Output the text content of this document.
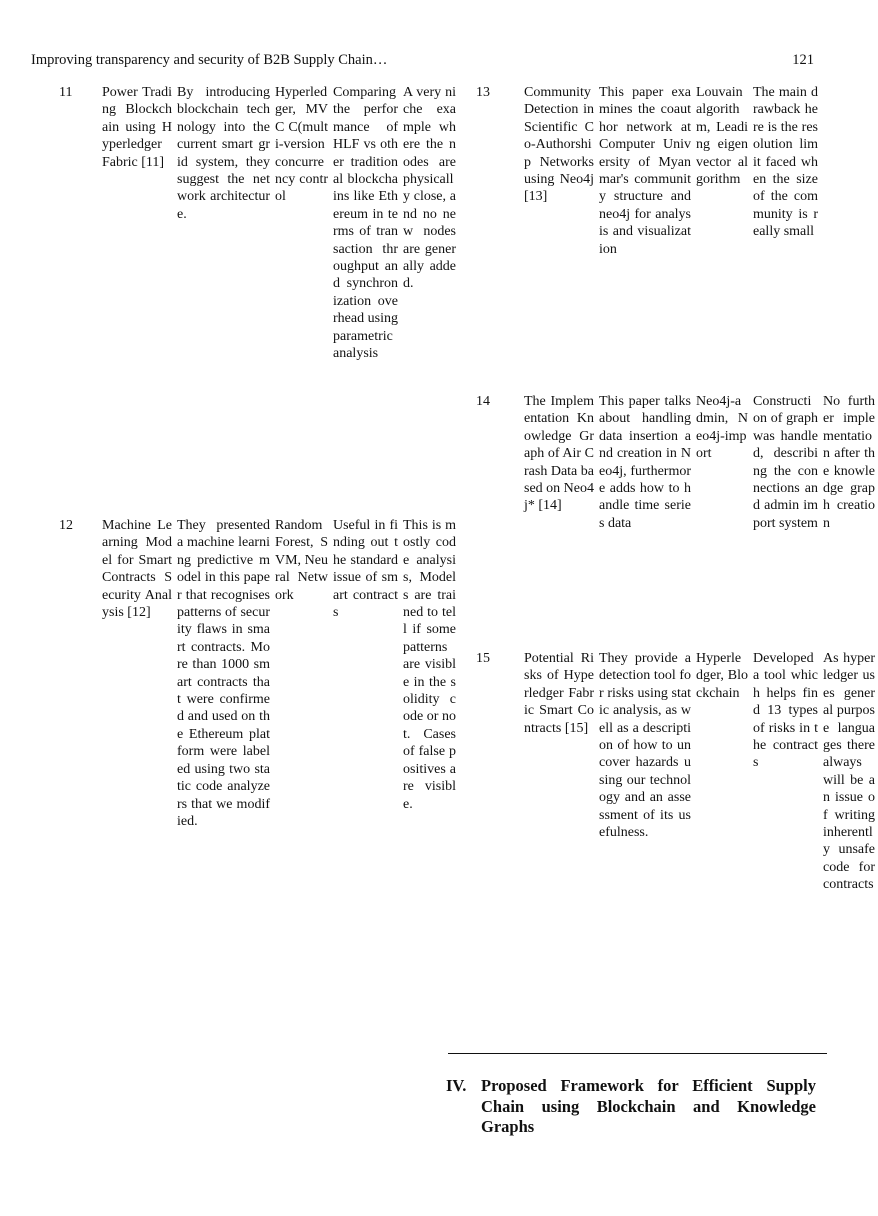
Improving transparency and security of B2B Supply Chain…	121
11	Power Trading Blockchain using Hyperledger Fabric [11]	By introducing blockchain technology into the current smart grid system, they suggest the network architecture.	Hyperledger, MVC C(multi-version concurrency control	Comparing the performance of HLF vs other traditional blockchains like Ethereum in terms of transaction throughput and synchronization overhead using parametric analysis	A very niche example where the nodes are physically close, and no new nodes are generally added.
12	Machine Learning Model for Smart Contracts Security Analysis [12]	They presented a machine learning predictive model in this paper that recognises patterns of security flaws in smart contracts. More than 1000 smart contracts that were confirmed and used on the Ethereum platform were labeled using two static code analyzers that we modified.	Random Forest, SVM, Neural Network	Useful in finding out the standard issue of smart contracts	This is mostly code analysis, Models are trained to tell if some patterns are visible in the solidity code or not. Cases of false positives are visible.
13	Community Detection in Scientific Co-Authorship Networks using Neo4j [13]	This paper examines the coauthor network at Computer University of Myanmar's community structure and neo4j for analysis and visualization	Louvain algorithm, Leading eigenvector algorithm	The main drawback here is the resolution limit faced when the size of the community is really small	
14	The Implementation Knowledge Graph of Air Crash Data based on Neo4j* [14]	This paper talks about handling data insertion and creation in Neo4j, furthermore adds how to handle time series data	Neo4j-admin, Neo4j-import	Construction of graph was handled, describing the connections and admin import system	No further implementation after the knowledge graph creation
15	Potential Risks of Hyperledger Fabric Smart Contracts [15]	They provide a detection tool for risks using static analysis, as well as a description of how to uncover hazards using our technology and an assessment of its usefulness.	Hyperledger, Blockchain	Developed a tool which helps find 13 types of risks in the contracts	As hyperledger uses general purpose languages there always will be an issue of writing inherently unsafe code for contracts
IV. Proposed Framework for Efficient Supply Chain using Blockchain and Knowledge Graphs
